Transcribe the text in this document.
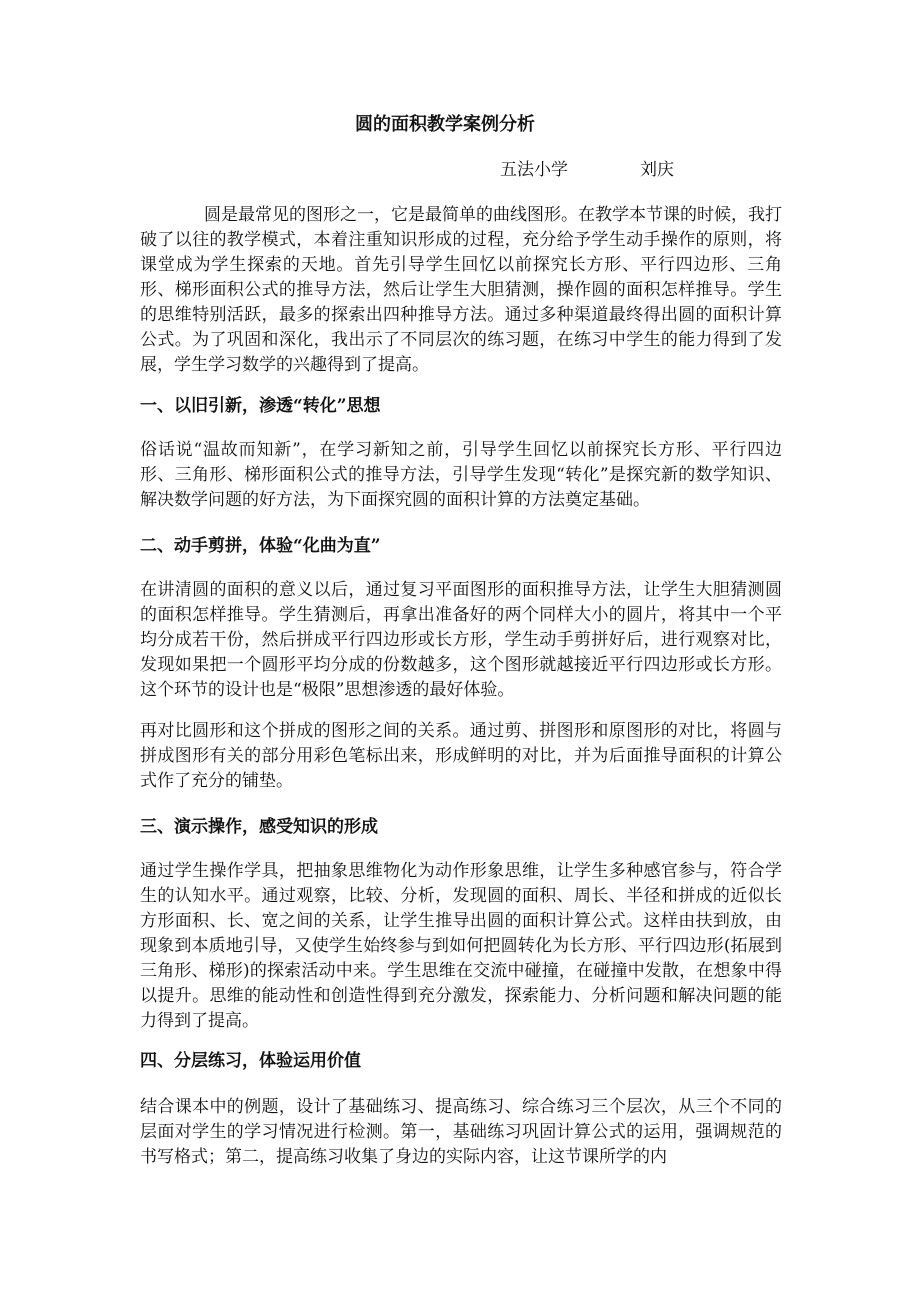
圆的面积教学案例分析
五法小学	刘庆
圆是最常见的图形之一，它是最简单的曲线图形。在教学本节课的时候，我打破了以往的教学模式，本着注重知识形成的过程，充分给予学生动手操作的原则，将课堂成为学生探索的天地。首先引导学生回忆以前探究长方形、平行四边形、三角形、梯形面积公式的推导方法，然后让学生大胆猜测，操作圆的面积怎样推导。学生的思维特别活跃，最多的探索出四种推导方法。通过多种渠道最终得出圆的面积计算公式。为了巩固和深化，我出示了不同层次的练习题，在练习中学生的能力得到了发展，学生学习数学的兴趣得到了提高。
一、以旧引新，渗透“转化”思想
俗话说“温故而知新”，在学习新知之前，引导学生回忆以前探究长方形、平行四边形、三角形、梯形面积公式的推导方法，引导学生发现“转化”是探究新的数学知识、解决数学问题的好方法，为下面探究圆的面积计算的方法奠定基础。
二、动手剪拼，体验“化曲为直”
在讲清圆的面积的意义以后，通过复习平面图形的面积推导方法，让学生大胆猜测圆的面积怎样推导。学生猜测后，再拿出准备好的两个同样大小的圆片，将其中一个平均分成若干份，然后拼成平行四边形或长方形，学生动手剪拼好后，进行观察对比，发现如果把一个圆形平均分成的份数越多，这个图形就越接近平行四边形或长方形。这个环节的设计也是“极限”思想渗透的最好体验。
再对比圆形和这个拼成的图形之间的关系。通过剪、拼图形和原图形的对比，将圆与拼成图形有关的部分用彩色笔标出来，形成鲜明的对比，并为后面推导面积的计算公式作了充分的铺垫。
三、演示操作，感受知识的形成
通过学生操作学具，把抽象思维物化为动作形象思维，让学生多种感官参与，符合学生的认知水平。通过观察，比较、分析，发现圆的面积、周长、半径和拼成的近似长方形面积、长、宽之间的关系，让学生推导出圆的面积计算公式。这样由扶到放，由现象到本质地引导，又使学生始终参与到如何把圆转化为长方形、平行四边形(拓展到三角形、梯形)的探索活动中来。学生思维在交流中碰撞，在碰撞中发散，在想象中得以提升。思维的能动性和创造性得到充分激发，探索能力、分析问题和解决问题的能力得到了提高。
四、分层练习，体验运用价值
结合课本中的例题，设计了基础练习、提高练习、综合练习三个层次，从三个不同的层面对学生的学习情况进行检测。第一，基础练习巩固计算公式的运用，强调规范的书写格式；第二，提高练习收集了身边的实际内容，让这节课所学的内
